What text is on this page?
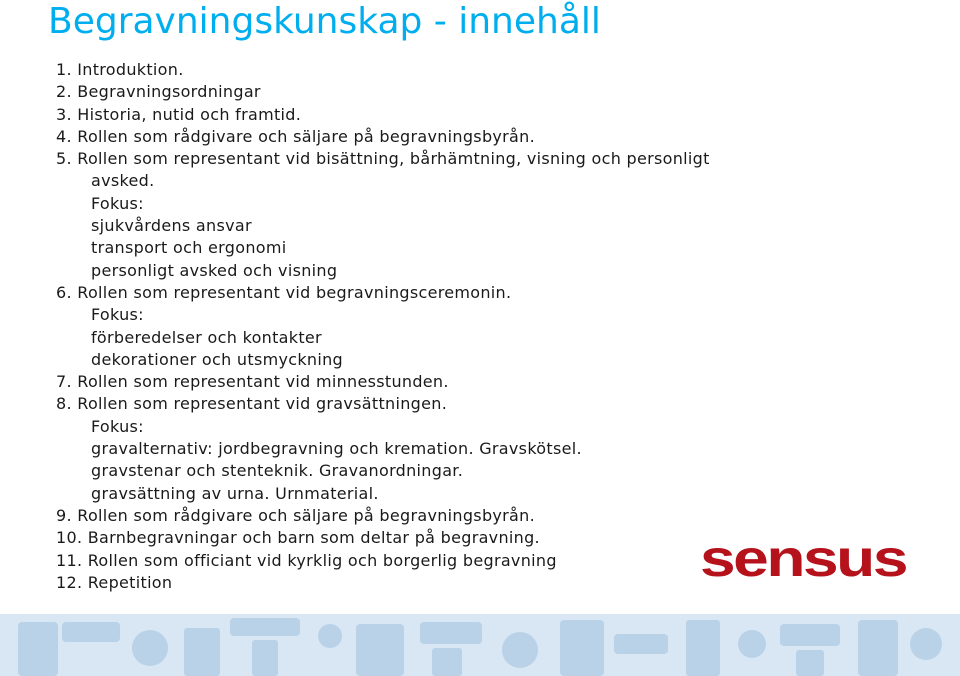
Begravningskunskap - innehåll
1. Introduktion.
2. Begravningsordningar
3. Historia, nutid och framtid.
4. Rollen som rådgivare och säljare på begravningsbyrån.
5. Rollen som representant vid bisättning, bårhämtning, visning och personligt
avsked.
Fokus:
sjukvårdens ansvar
transport och ergonomi
personligt avsked och visning
6. Rollen som representant vid begravningsceremonin.
Fokus:
förberedelser och kontakter
dekorationer och utsmyckning
7. Rollen som representant vid minnesstunden.
8. Rollen som representant vid gravsättningen.
Fokus:
gravalternativ: jordbegravning och kremation. Gravskötsel.
gravstenar och stenteknik. Gravanordningar.
gravsättning av urna. Urnmaterial.
9. Rollen som rådgivare och säljare på begravningsbyrån.
10. Barnbegravningar och barn som deltar på begravning.
11. Rollen som officiant vid kyrklig och borgerlig begravning
12. Repetition	sensus
